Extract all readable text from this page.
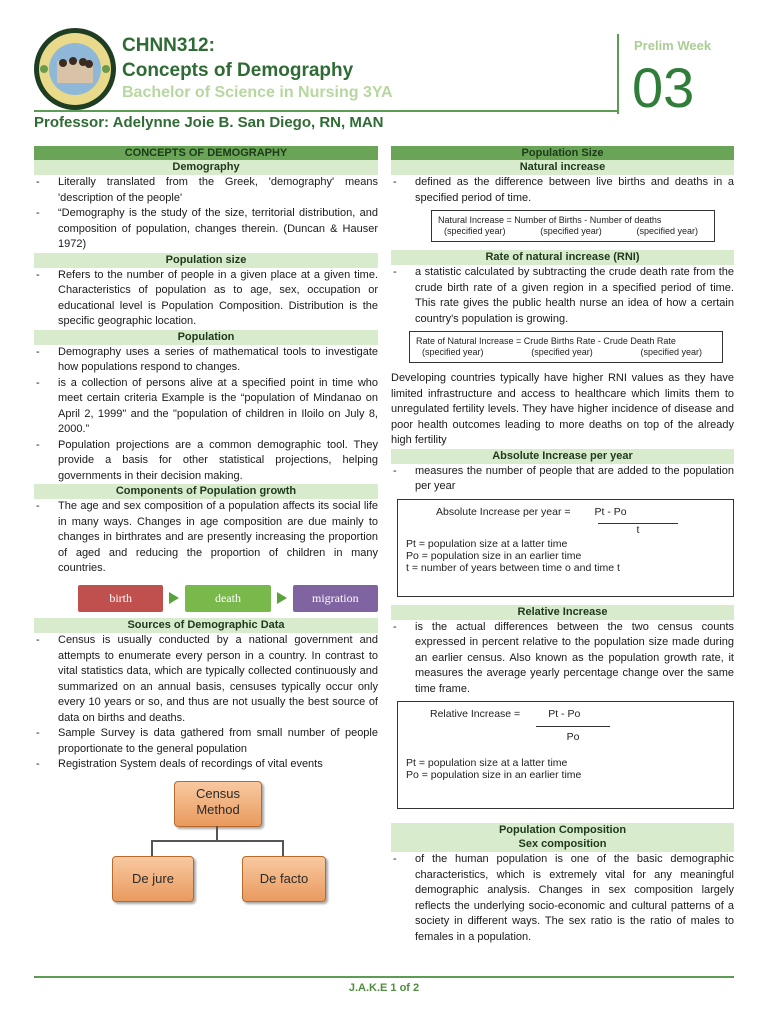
CHNN312:
Concepts of Demography
Bachelor of Science in Nursing 3YA
Prelim Week
03
Professor: Adelynne Joie B. San Diego, RN, MAN
CONCEPTS OF DEMOGRAPHY
Demography
- Literally translated from the Greek, 'demography' means 'description of the people'
- “Demography is the study of the size, territorial distribution, and composition of population, changes therein. (Duncan & Hauser 1972)
Population size
- Refers to the number of people in a given place at a given time. Characteristics of population as to age, sex, occupation or educational level is Population Composition. Distribution is the specific geographic location.
Population
- Demography uses a series of mathematical tools to investigate how populations respond to changes.
- is a collection of persons alive at a specified point in time who meet certain criteria Example is the “population of Mindanao on April 2, 1999" and the "population of children in Iloilo on July 8, 2000.”
- Population projections are a common demographic tool. They provide a basis for other statistical projections, helping governments in their decision making.
Components of Population growth
- The age and sex composition of a population affects its social life in many ways. Changes in age composition are due mainly to changes in birthrates and are presently increasing the proportion of aged and reducing the proportion of children in many countries.
birth	death	migration
Sources of Demographic Data
- Census is usually conducted by a national government and attempts to enumerate every person in a country. In contrast to vital statistics data, which are typically collected continuously and summarized on an annual basis, censuses typically occur only every 10 years or so, and thus are not usually the best source of data on births and deaths.
- Sample Survey is data gathered from small number of people proportionate to the general population
- Registration System deals of recordings of vital events
Census
Method
De jure	De facto
Population Size
Natural increase
- defined as the difference between live births and deaths in a specified period of time.
Natural Increase = Number of Births - Number of deaths
(specified year)	(specified year)	(specified year)
Rate of natural increase (RNI)
- a statistic calculated by subtracting the crude death rate from the crude birth rate of a given region in a specified period of time. This rate gives the public health nurse an idea of how a certain country's population is growing.
Rate of Natural Increase = Crude Births Rate - Crude Death Rate
(specified year)	(specified year)	(specified year)

Developing countries typically have higher RNI values as they have limited infrastructure and access to healthcare which limits them to unregulated fertility levels. They have higher incidence of disease and poor health outcomes leading to more deaths on top of the already high fertility

Absolute Increase per year
- measures the number of people that are added to the population per year
Absolute Increase per year =	Pt - Po
t
Pt = population size at a latter time
Po = population size in an earlier time
t = number of years between time o and time t
Relative Increase
- is the actual differences between the two census counts expressed in percent relative to the population size made during an earlier census. Also known as the population growth rate, it measures the average yearly percentage change over the same time frame.
Relative Increase =	Pt - Po
Po
Pt = population size at a latter time
Po = population size in an earlier time
Population Composition
Sex composition
- of the human population is one of the basic demographic characteristics, which is extremely vital for any meaningful demographic analysis. Changes in sex composition largely reflects the underlying socio-economic and cultural patterns of a society in different ways. The sex ratio is the ratio of males to females in a population.
J.A.K.E 1 of 2
